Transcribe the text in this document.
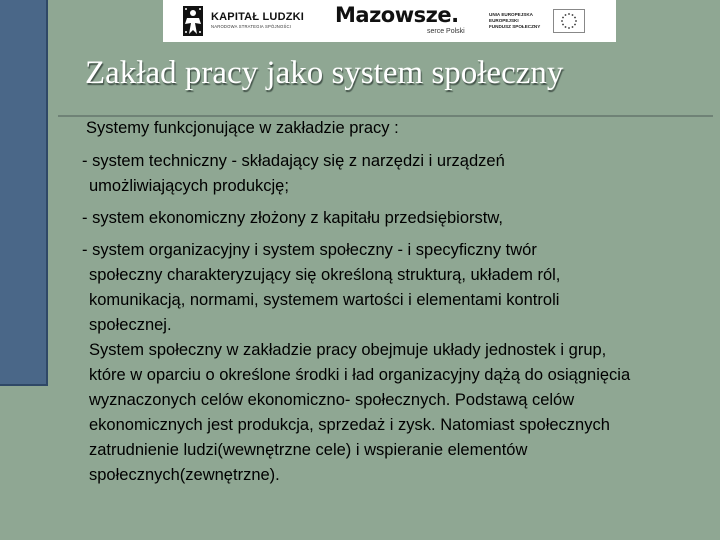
KAPITAŁ LUDZKI
NARODOWA STRATEGIA SPÓJNOŚCI	Mazowsze.
serce Polski
UNIA EUROPEJSKA
EUROPEJSKI
FUNDUSZ SPOŁECZNY
Zakład pracy jako system społeczny

Systemy funkcjonujące w zakładzie pracy :

- system techniczny - składający się z narzędzi i urządzeń
umożliwiających produkcję;
- system ekonomiczny złożony z kapitału przedsiębiorstw,
- system organizacyjny i system społeczny - i specyficzny twór
społeczny charakteryzujący się określoną strukturą, układem ról,
komunikacją, normami, systemem wartości i elementami kontroli
społecznej.
System społeczny w zakładzie pracy obejmuje układy jednostek i grup,
które w oparciu o określone środki i ład organizacyjny dążą do osiągnięcia
wyznaczonych celów ekonomiczno- społecznych. Podstawą celów
ekonomicznych jest produkcja, sprzedaż i zysk. Natomiast społecznych
zatrudnienie ludzi(wewnętrzne cele) i wspieranie elementów
społecznych(zewnętrzne).
